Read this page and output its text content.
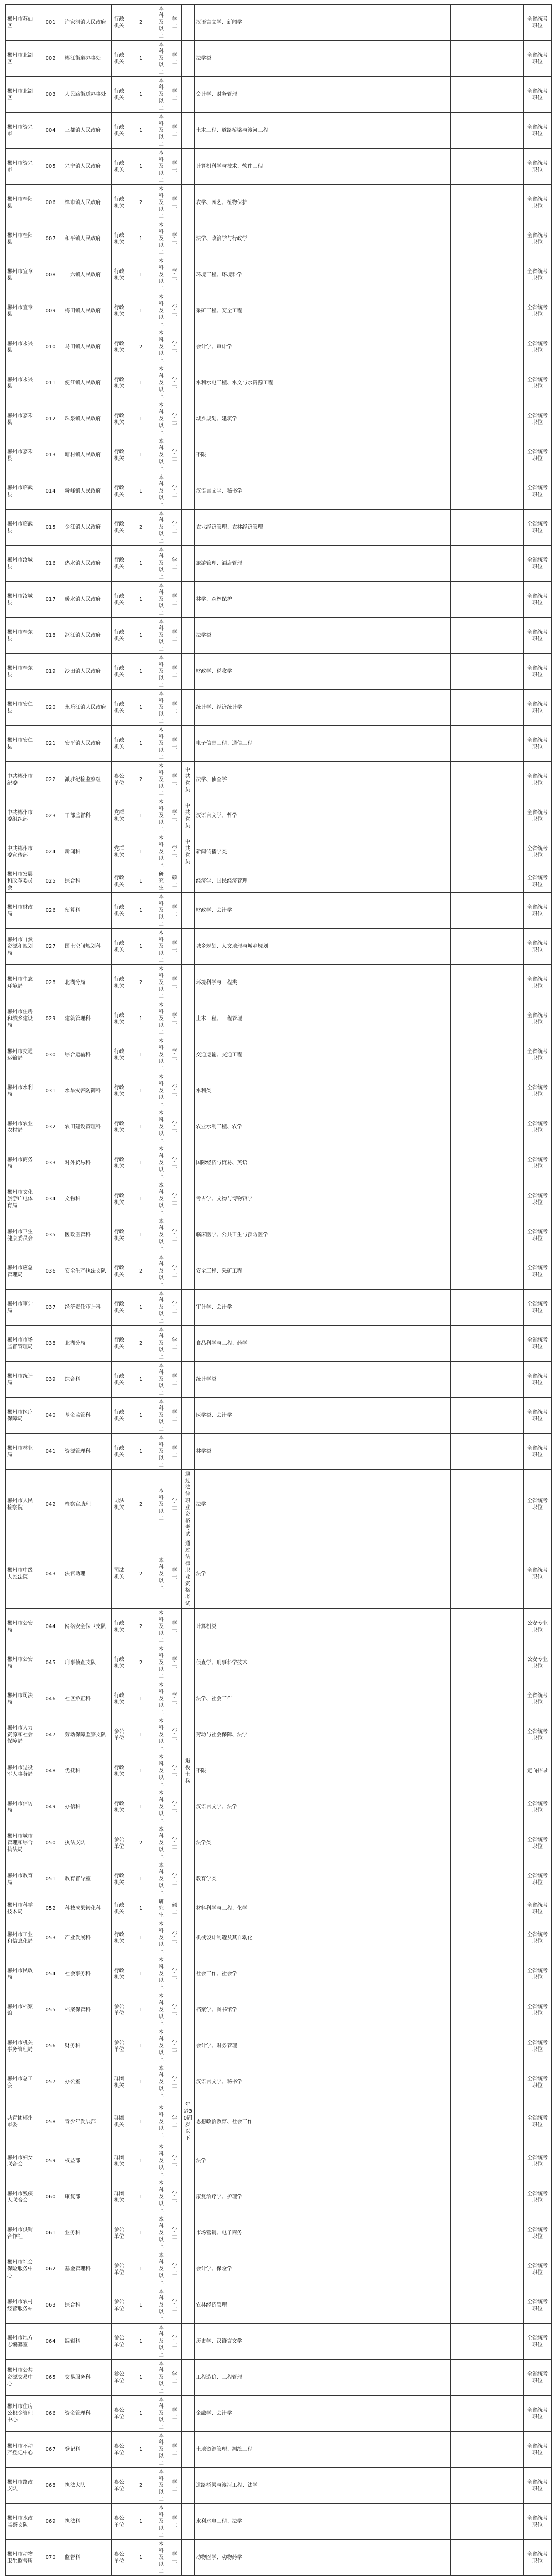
郴州市苏仙区	001	许家洞镇人民政府	行政机关	2	本科及以上	学士		汉语言文学、新闻学				全省统考职位
郴州市北湖区	002	郴江街道办事处	行政机关	1	本科及以上	学士		法学类				全省统考职位
郴州市北湖区	003	人民路街道办事处	行政机关	1	本科及以上	学士		会计学、财务管理				全省统考职位
郴州市资兴市	004	三都镇人民政府	行政机关	1	本科及以上	学士		土木工程、道路桥梁与渡河工程				全省统考职位
郴州市资兴市	005	兴宁镇人民政府	行政机关	1	本科及以上	学士		计算机科学与技术、软件工程				全省统考职位
郴州市桂阳县	006	樟市镇人民政府	行政机关	2	本科及以上	学士		农学、园艺、植物保护				全省统考职位
郴州市桂阳县	007	和平镇人民政府	行政机关	1	本科及以上	学士		法学、政治学与行政学				全省统考职位
郴州市宜章县	008	一六镇人民政府	行政机关	1	本科及以上	学士		环境工程、环境科学				全省统考职位
郴州市宜章县	009	梅田镇人民政府	行政机关	1	本科及以上	学士		采矿工程、安全工程				全省统考职位
郴州市永兴县	010	马田镇人民政府	行政机关	2	本科及以上	学士		会计学、审计学				全省统考职位
郴州市永兴县	011	便江镇人民政府	行政机关	1	本科及以上	学士		水利水电工程、水文与水资源工程				全省统考职位
郴州市嘉禾县	012	珠泉镇人民政府	行政机关	1	本科及以上	学士		城乡规划、建筑学				全省统考职位
郴州市嘉禾县	013	塘村镇人民政府	行政机关	1	本科及以上	学士		不限				全省统考职位
郴州市临武县	014	舜峰镇人民政府	行政机关	1	本科及以上	学士		汉语言文学、秘书学				全省统考职位
郴州市临武县	015	金江镇人民政府	行政机关	2	本科及以上	学士		农业经济管理、农林经济管理				全省统考职位
郴州市汝城县	016	热水镇人民政府	行政机关	1	本科及以上	学士		旅游管理、酒店管理				全省统考职位
郴州市汝城县	017	暖水镇人民政府	行政机关	1	本科及以上	学士		林学、森林保护				全省统考职位
郴州市桂东县	018	沤江镇人民政府	行政机关	1	本科及以上	学士		法学类				全省统考职位
郴州市桂东县	019	沙田镇人民政府	行政机关	1	本科及以上	学士		财政学、税收学				全省统考职位
郴州市安仁县	020	永乐江镇人民政府	行政机关	1	本科及以上	学士		统计学、经济统计学				全省统考职位
郴州市安仁县	021	安平镇人民政府	行政机关	1	本科及以上	学士		电子信息工程、通信工程				全省统考职位
中共郴州市纪委	022	派驻纪检监察组	参公单位	2	本科及以上	学士	中共党员	法学、侦查学				全省统考职位
中共郴州市委组织部	023	干部监督科	党群机关	1	本科及以上	学士	中共党员	汉语言文学、哲学				全省统考职位
中共郴州市委宣传部	024	新闻科	党群机关	1	本科及以上	学士	中共党员	新闻传播学类				全省统考职位
郴州市发展和改革委员会	025	综合科	行政机关	1	研究生	硕士		经济学、国民经济管理				全省统考职位
郴州市财政局	026	预算科	行政机关	1	本科及以上	学士		财政学、会计学				全省统考职位
郴州市自然资源和规划局	027	国土空间规划科	行政机关	1	本科及以上	学士		城乡规划、人文地理与城乡规划				全省统考职位
郴州市生态环境局	028	北湖分局	行政机关	2	本科及以上	学士		环境科学与工程类				全省统考职位
郴州市住房和城乡建设局	029	建筑管理科	行政机关	1	本科及以上	学士		土木工程、工程管理				全省统考职位
郴州市交通运输局	030	综合运输科	行政机关	1	本科及以上	学士		交通运输、交通工程				全省统考职位
郴州市水利局	031	水旱灾害防御科	行政机关	1	本科及以上	学士		水利类				全省统考职位
郴州市农业农村局	032	农田建设管理科	行政机关	1	本科及以上	学士		农业水利工程、农学				全省统考职位
郴州市商务局	033	对外贸易科	行政机关	1	本科及以上	学士		国际经济与贸易、英语				全省统考职位
郴州市文化旅游广电体育局	034	文物科	行政机关	1	本科及以上	学士		考古学、文物与博物馆学				全省统考职位
郴州市卫生健康委员会	035	医政医管科	行政机关	1	本科及以上	学士		临床医学、公共卫生与预防医学				全省统考职位
郴州市应急管理局	036	安全生产执法支队	行政机关	2	本科及以上	学士		安全工程、采矿工程				全省统考职位
郴州市审计局	037	经济责任审计科	行政机关	1	本科及以上	学士		审计学、会计学				全省统考职位
郴州市市场监督管理局	038	北湖分局	行政机关	2	本科及以上	学士		食品科学与工程、药学				全省统考职位
郴州市统计局	039	综合科	行政机关	1	本科及以上	学士		统计学类				全省统考职位
郴州市医疗保障局	040	基金监管科	行政机关	1	本科及以上	学士		医学类、会计学				全省统考职位
郴州市林业局	041	资源管理科	行政机关	1	本科及以上	学士		林学类				全省统考职位
郴州市人民检察院	042	检察官助理	司法机关	2	本科及以上	学士	通过法律职业资格考试	法学				全省统考职位
郴州市中级人民法院	043	法官助理	司法机关	2	本科及以上	学士	通过法律职业资格考试	法学				全省统考职位
郴州市公安局	044	网络安全保卫支队	行政机关	2	本科及以上	学士		计算机类				公安专业职位
郴州市公安局	045	刑事侦查支队	行政机关	2	本科及以上	学士		侦查学、刑事科学技术				公安专业职位
郴州市司法局	046	社区矫正科	行政机关	1	本科及以上	学士		法学、社会工作				全省统考职位
郴州市人力资源和社会保障局	047	劳动保障监察支队	参公单位	1	本科及以上	学士		劳动与社会保障、法学				全省统考职位
郴州市退役军人事务局	048	优抚科	行政机关	1	本科及以上	学士	退役士兵	不限				定向招录
郴州市信访局	049	办信科	行政机关	1	本科及以上	学士		汉语言文学、法学				全省统考职位
郴州市城市管理和综合执法局	050	执法支队	参公单位	2	本科及以上	学士		法学类				全省统考职位
郴州市教育局	051	教育督导室	行政机关	1	本科及以上	学士		教育学类				全省统考职位
郴州市科学技术局	052	科技成果转化科	行政机关	1	研究生	硕士		材料科学与工程、化学				全省统考职位
郴州市工业和信息化局	053	产业发展科	行政机关	1	本科及以上	学士		机械设计制造及其自动化				全省统考职位
郴州市民政局	054	社会事务科	行政机关	1	本科及以上	学士		社会工作、社会学				全省统考职位
郴州市档案馆	055	档案保管科	参公单位	1	本科及以上	学士		档案学、图书馆学				全省统考职位
郴州市机关事务管理局	056	财务科	参公单位	1	本科及以上	学士		会计学、财务管理				全省统考职位
郴州市总工会	057	办公室	群团机关	1	本科及以上	学士		汉语言文学、秘书学				全省统考职位
共青团郴州市委	058	青少年发展部	群团机关	1	本科及以上	学士	年龄30周岁以下	思想政治教育、社会工作				全省统考职位
郴州市妇女联合会	059	权益部	群团机关	1	本科及以上	学士		法学				全省统考职位
郴州市残疾人联合会	060	康复部	群团机关	1	本科及以上	学士		康复治疗学、护理学				全省统考职位
郴州市供销合作社	061	业务科	参公单位	1	本科及以上	学士		市场营销、电子商务				全省统考职位
郴州市社会保险服务中心	062	基金管理科	参公单位	1	本科及以上	学士		会计学、保险学				全省统考职位
郴州市农村经营服务站	063	综合科	参公单位	1	本科及以上	学士		农林经济管理				全省统考职位
郴州市地方志编纂室	064	编辑科	参公单位	1	本科及以上	学士		历史学、汉语言文学				全省统考职位
郴州市公共资源交易中心	065	交易服务科	参公单位	1	本科及以上	学士		工程造价、工程管理				全省统考职位
郴州市住房公积金管理中心	066	资金管理科	参公单位	1	本科及以上	学士		金融学、会计学				全省统考职位
郴州市不动产登记中心	067	登记科	参公单位	1	本科及以上	学士		土地资源管理、测绘工程				全省统考职位
郴州市路政支队	068	执法大队	参公单位	2	本科及以上	学士		道路桥梁与渡河工程、法学				全省统考职位
郴州市水政监察支队	069	执法科	参公单位	1	本科及以上	学士		水利水电工程、法学				全省统考职位
郴州市动物卫生监督所	070	监督科	参公单位	1	本科及以上	学士		动物医学、动物药学				全省统考职位
